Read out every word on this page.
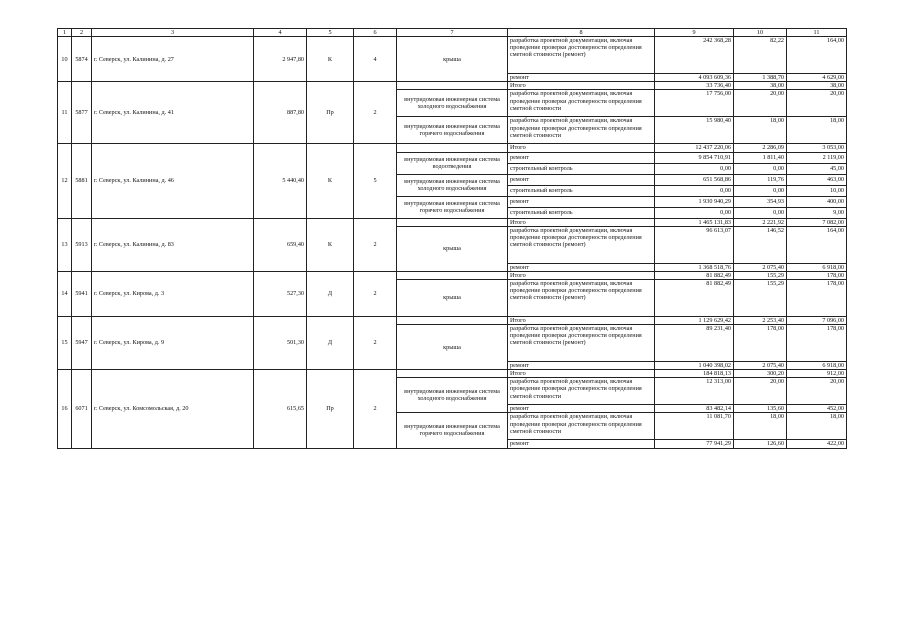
1	2	3	4	5	6	7	8	9	10	11
10	5874	г. Северск, ул. Калинина, д. 27	2 947,80	К	4	крыша	разработка проектной документации, включая проведение проверки достоверности определения сметной стоимости (ремонт)	242 368,28	82,22	164,00
							ремонт	4 093 609,36	1 388,70	4 629,00
11	5877	г. Северск, ул. Калинина, д. 41	887,80	Пр	2		Итого	33 736,40	38,00	38,00
						внутридомовая инженерная система холодного водоснабжения	разработка проектной документации, включая проведение проверки достоверности определения сметной стоимости	17 756,00	20,00	20,00
						внутридомовая инженерная система горячего водоснабжения	разработка проектной документации, включая проведение проверки достоверности определения сметной стоимости	15 980,40	18,00	18,00
12	5881	г. Северск, ул. Калинина, д. 46	5 440,40	К	5		Итого	12 437 220,06	2 286,09	3 053,00
						внутридомовая инженерная система водоотведения	ремонт	9 854 710,91	1 811,40	2 119,00
							строительный контроль	0,00	0,00	45,00
						внутридомовая инженерная система холодного водоснабжения	ремонт	651 568,86	119,76	463,00
							строительный контроль	0,00	0,00	10,00
						внутридомовая инженерная система горячего водоснабжения	ремонт	1 930 940,29	354,93	400,00
							строительный контроль	0,00	0,00	9,00
13	5913	г. Северск, ул. Калинина, д. 83	659,40	К	2		Итого	1 465 131,83	2 221,92	7 082,00
						крыша	разработка проектной документации, включая проведение проверки достоверности определения сметной стоимости (ремонт)	96 613,07	146,52	164,00
							ремонт	1 368 518,76	2 075,40	6 918,00
14	5941	г. Северск, ул. Кирова, д. 3	527,30	Д	2		Итого	81 882,49	155,29	178,00
						крыша	разработка проектной документации, включая проведение проверки достоверности определения сметной стоимости (ремонт)	81 882,49	155,29	178,00
15	5947	г. Северск, ул. Кирова, д. 9	501,30	Д	2		Итого	1 129 629,42	2 253,40	7 096,00
						крыша	разработка проектной документации, включая проведение проверки достоверности определения сметной стоимости (ремонт)	89 231,40	178,00	178,00
							ремонт	1 040 398,02	2 075,40	6 918,00
16	6071	г. Северск, ул. Комсомольская, д. 20	615,65	Пр	2		Итого	184 818,13	300,20	912,00
						внутридомовая инженерная система холодного водоснабжения	разработка проектной документации, включая проведение проверки достоверности определения сметной стоимости	12 313,00	20,00	20,00
							ремонт	83 482,14	135,60	452,00
						внутридомовая инженерная система горячего водоснабжения	разработка проектной документации, включая проведение проверки достоверности определения сметной стоимости	11 081,70	18,00	18,00
							ремонт	77 941,29	126,60	422,00
